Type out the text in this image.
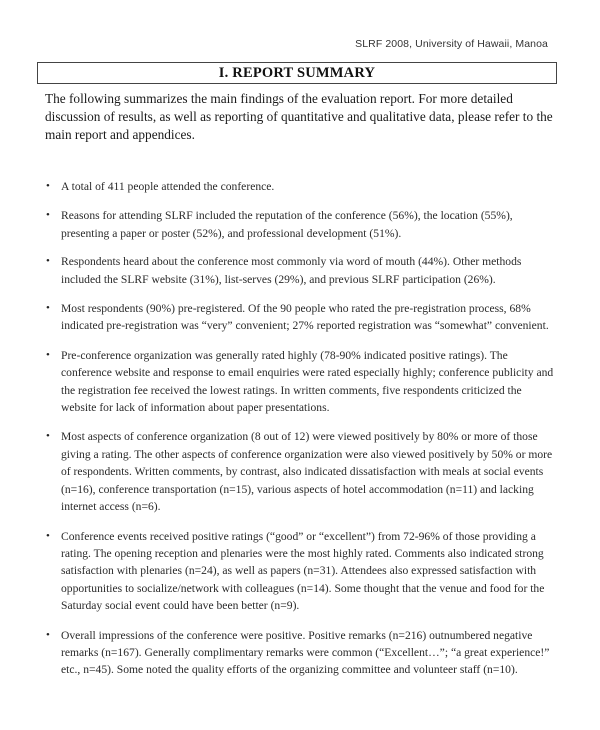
SLRF 2008, University of Hawaii, Manoa
I. REPORT SUMMARY

The following summarizes the main findings of the evaluation report. For more detailed discussion of results, as well as reporting of quantitative and qualitative data, please refer to the main report and appendices.

• A total of 411 people attended the conference.
• Reasons for attending SLRF included the reputation of the conference (56%), the location (55%), presenting a paper or poster (52%), and professional development (51%).
• Respondents heard about the conference most commonly via word of mouth (44%). Other methods included the SLRF website (31%), list-serves (29%), and previous SLRF participation (26%).
• Most respondents (90%) pre-registered. Of the 90 people who rated the pre-registration process, 68% indicated pre-registration was “very” convenient; 27% reported registration was “somewhat” convenient.
• Pre-conference organization was generally rated highly (78-90% indicated positive ratings). The conference website and response to email enquiries were rated especially highly; conference publicity and the registration fee received the lowest ratings. In written comments, five respondents criticized the website for lack of information about paper presentations.
• Most aspects of conference organization (8 out of 12) were viewed positively by 80% or more of those giving a rating. The other aspects of conference organization were also viewed positively by 50% or more of respondents. Written comments, by contrast, also indicated dissatisfaction with meals at social events (n=16), conference transportation (n=15), various aspects of hotel accommodation (n=11) and lacking internet access (n=6).
• Conference events received positive ratings (“good” or “excellent”) from 72-96% of those providing a rating. The opening reception and plenaries were the most highly rated. Comments also indicated strong satisfaction with plenaries (n=24), as well as papers (n=31). Attendees also expressed satisfaction with opportunities to socialize/network with colleagues (n=14). Some thought that the venue and food for the Saturday social event could have been better (n=9).
• Overall impressions of the conference were positive. Positive remarks (n=216) outnumbered negative remarks (n=167). Generally complimentary remarks were common (“Excellent…”; “a great experience!” etc., n=45). Some noted the quality efforts of the organizing committee and volunteer staff (n=10).
